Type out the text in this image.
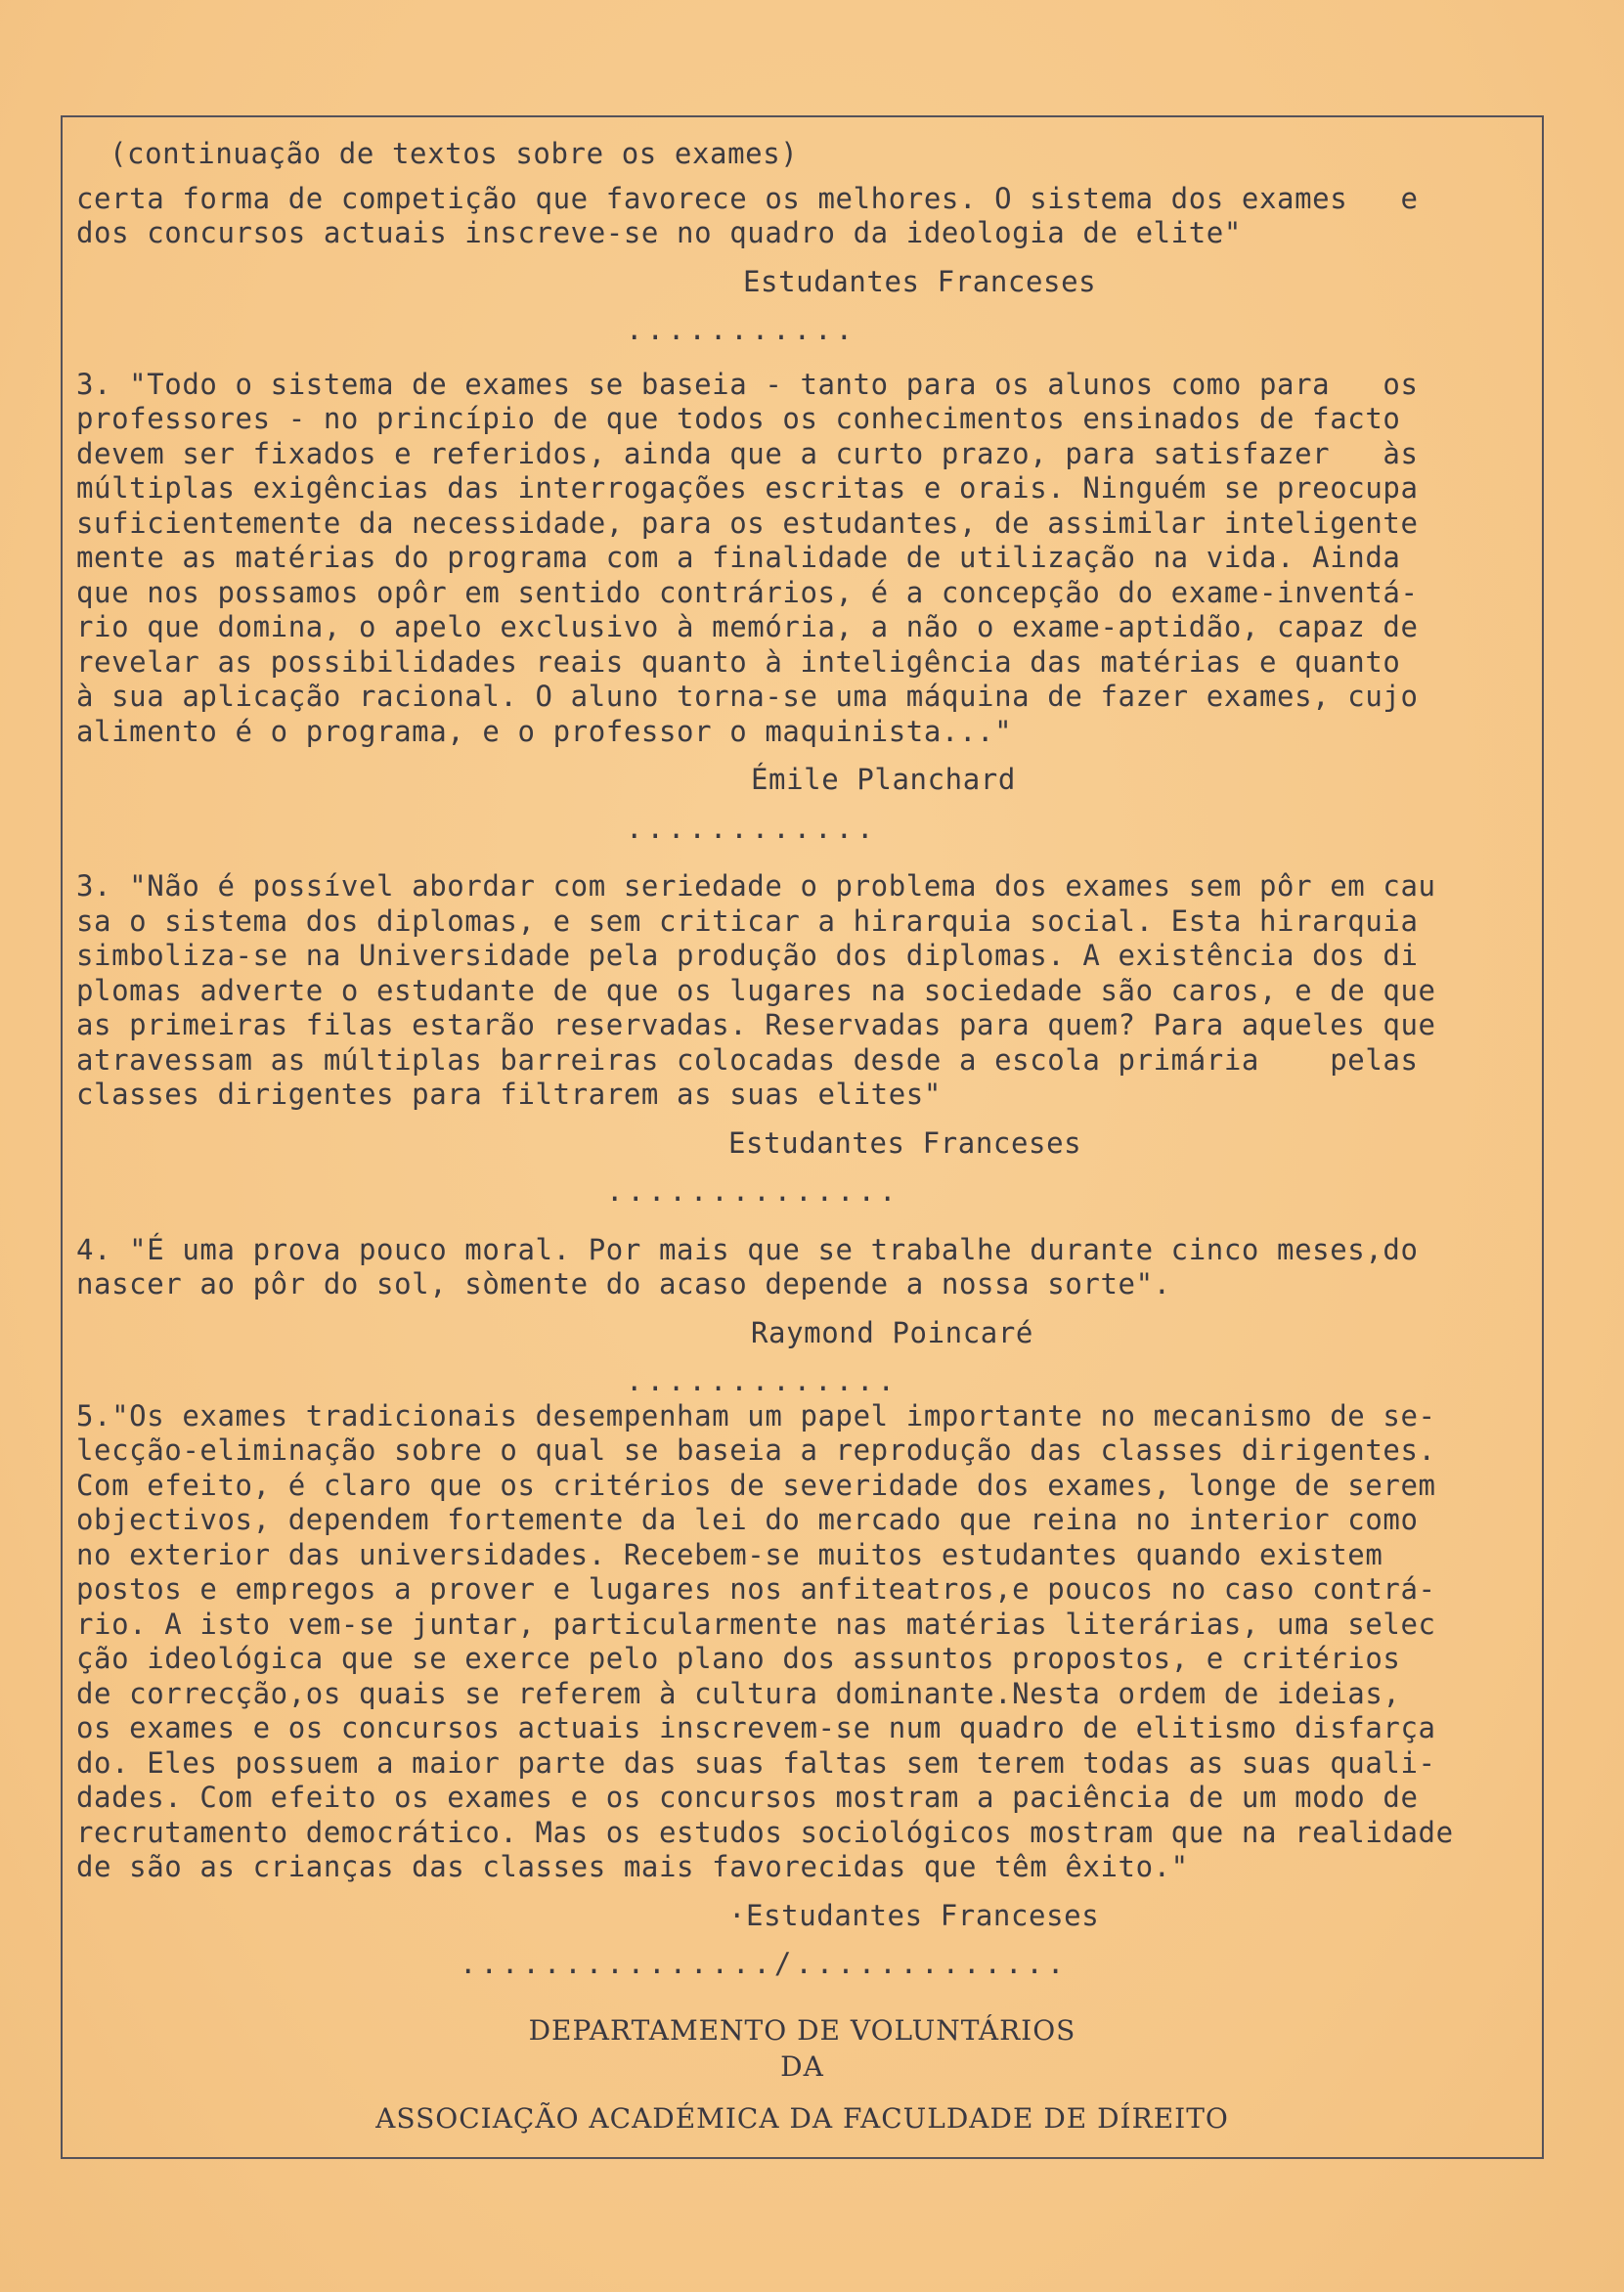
(continuação de textos sobre os exames)
certa forma de competição que favorece os melhores. O sistema dos exames   e
dos concursos actuais inscreve-se no quadro da ideologia de elite"
Estudantes Franceses
...........
3. "Todo o sistema de exames se baseia - tanto para os alunos como para   os
professores - no princípio de que todos os conhecimentos ensinados de facto
devem ser fixados e referidos, ainda que a curto prazo, para satisfazer   às
múltiplas exigências das interrogações escritas e orais. Ninguém se preocupa
suficientemente da necessidade, para os estudantes, de assimilar inteligente
mente as matérias do programa com a finalidade de utilização na vida. Ainda
que nos possamos opôr em sentido contrários, é a concepção do exame-inventá-
rio que domina, o apelo exclusivo à memória, a não o exame-aptidão, capaz de
revelar as possibilidades reais quanto à inteligência das matérias e quanto
à sua aplicação racional. O aluno torna-se uma máquina de fazer exames, cujo
alimento é o programa, e o professor o maquinista..."
Émile Planchard
............
3. "Não é possível abordar com seriedade o problema dos exames sem pôr em cau
sa o sistema dos diplomas, e sem criticar a hirarquia social. Esta hirarquia
simboliza-se na Universidade pela produção dos diplomas. A existência dos di
plomas adverte o estudante de que os lugares na sociedade são caros, e de que
as primeiras filas estarão reservadas. Reservadas para quem? Para aqueles que
atravessam as múltiplas barreiras colocadas desde a escola primária    pelas
classes dirigentes para filtrarem as suas elites"
Estudantes Franceses
..............
4. "É uma prova pouco moral. Por mais que se trabalhe durante cinco meses,do
nascer ao pôr do sol, sòmente do acaso depende a nossa sorte".
Raymond Poincaré
.............
5."Os exames tradicionais desempenham um papel importante no mecanismo de se-
lecção-eliminação sobre o qual se baseia a reprodução das classes dirigentes.
Com efeito, é claro que os critérios de severidade dos exames, longe de serem
objectivos, dependem fortemente da lei do mercado que reina no interior como
no exterior das universidades. Recebem-se muitos estudantes quando existem
postos e empregos a prover e lugares nos anfiteatros,e poucos no caso contrá-
rio. A isto vem-se juntar, particularmente nas matérias literárias, uma selec
ção ideológica que se exerce pelo plano dos assuntos propostos, e critérios
de correcção,os quais se referem à cultura dominante.Nesta ordem de ideias,
os exames e os concursos actuais inscrevem-se num quadro de elitismo disfarça
do. Eles possuem a maior parte das suas faltas sem terem todas as suas quali-
dades. Com efeito os exames e os concursos mostram a paciência de um modo de
recrutamento democrático. Mas os estudos sociológicos mostram que na realidade
de são as crianças das classes mais favorecidas que têm êxito."
·Estudantes Franceses
.............../.............
DEPARTAMENTO DE VOLUNTÁRIOS
DA
ASSOCIAÇÃO ACADÉMICA DA FACULDADE DE DÍREITO
